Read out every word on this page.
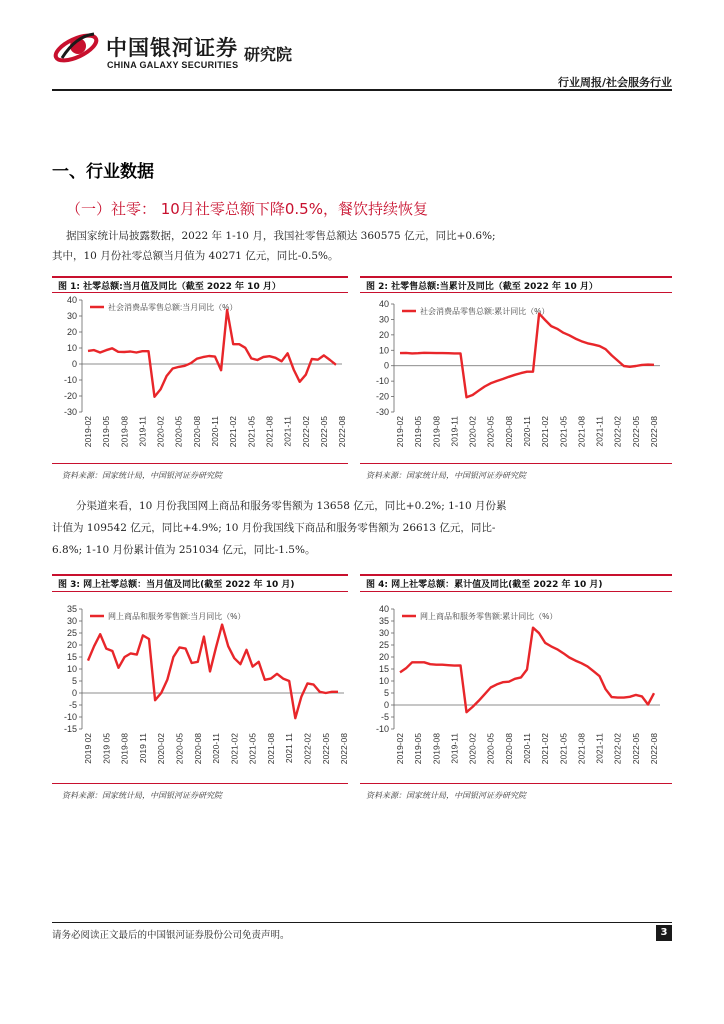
中国银河证券
CHINA GALAXY SECURITIES
研究院
行业周报/社会服务行业
一、行业数据
（一）社零： 10月社零总额下降0.5%，餐饮持续恢复
据国家统计局披露数据，2022 年 1-10 月，我国社零售总额达 360575 亿元，同比+0.6%;
其中，10 月份社零总额当月值为 40271 亿元，同比-0.5%。
图 1: 社零总额:当月值及同比（截至 2022 年 10 月）
-30
-20
-10
0
10
20
30
40
2019-02 2019-05 2019-08 2019-11 2020-02 2020-05 2020-08 2020-11 2021-02 2021-05 2021-08 2021-11 2022-02 2022-05 2022-08
社会消费品零售总额:当月同比（%）
资料来源：国家统计局，中国银河证券研究院
图 2: 社零售总额:当累计及同比（截至 2022 年 10 月）
-30
-20
-10
0
10
20
30
40
2019-02 2019-05 2019-08 2019-11 2020-02 2020-05 2020-08 2020-11 2021-02 2021-05 2021-08 2021-11 2022-02 2022-05 2022-08
社会消费品零售总额:累计同比（%）
资料来源：国家统计局，中国银河证券研究院
分渠道来看，10 月份我国网上商品和服务零售额为 13658 亿元，同比+0.2%; 1-10 月份累
计值为 109542 亿元，同比+4.9%; 10 月份我国线下商品和服务零售额为 26613 亿元，同比-
6.8%; 1-10 月份累计值为 251034 亿元，同比-1.5%。
图 3: 网上社零总额：当月值及同比(截至 2022 年 10 月)
-15
-10
-5
0
5
10
15
20
25
30
35
2019 02 2019 05 2019-08 2019 11 2020-02 2020-05 2020-08 2020-11 2021-02 2021-05 2021-08 2021 11 2022-02 2022-05 2022-08
网上商品和服务零售额:当月同比（%）
资料来源：国家统计局，中国银河证券研究院
图 4: 网上社零总额：累计值及同比(截至 2022 年 10 月)
-10
-5
0
5
10
15
20
25
30
35
40
2019-02 2019-05 2019-08 2019-11 2020-02 2020-05 2020-08 2020-11 2021-02 2021-05 2021-08 2021-11 2022-02 2022-05 2022-08
网上商品和服务零售额:累计同比（%）
资料来源：国家统计局，中国银河证券研究院
请务必阅读正文最后的中国银河证券股份公司免责声明。	3
